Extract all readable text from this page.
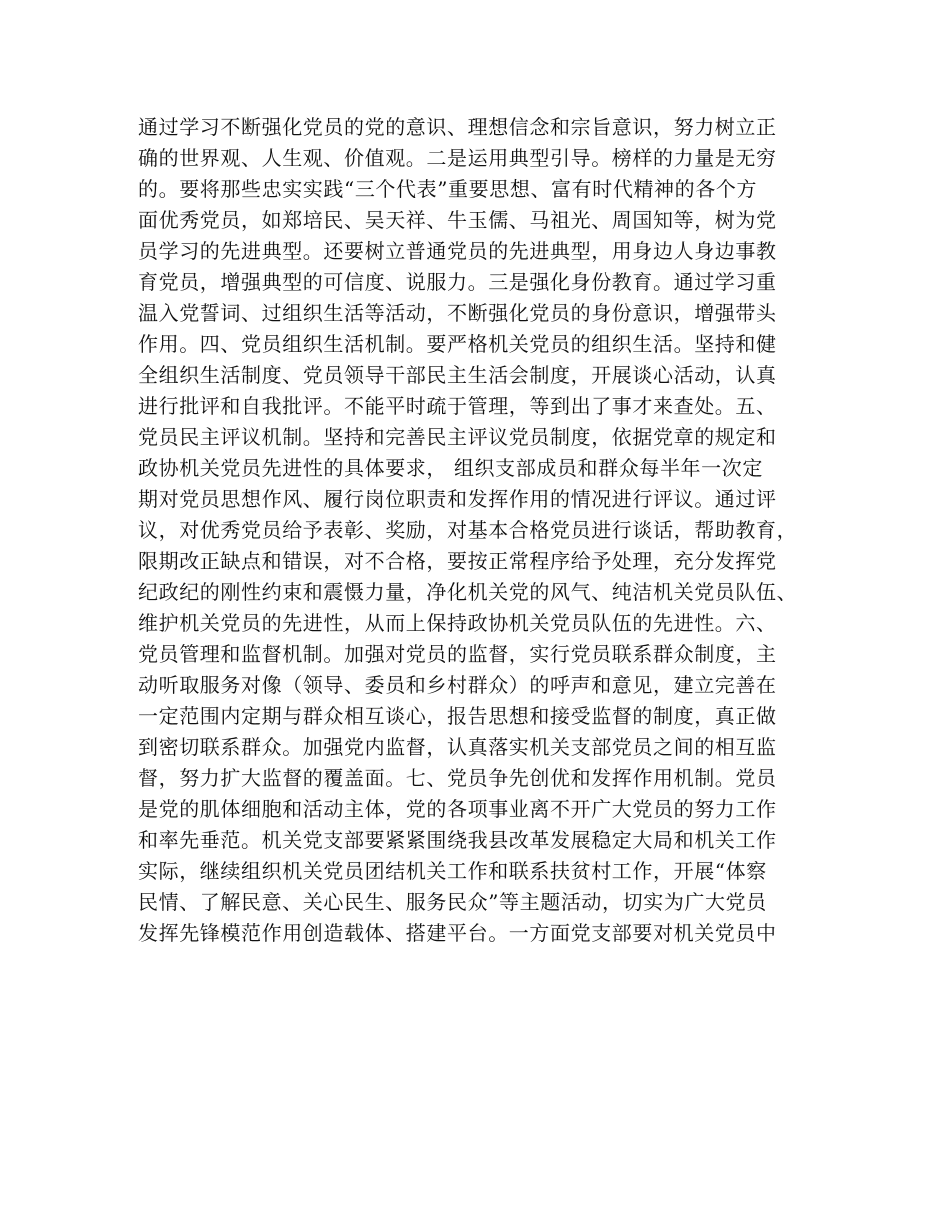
通过学习不断强化党员的党的意识、理想信念和宗旨意识，努力树立正
确的世界观、人生观、价值观。二是运用典型引导。榜样的力量是无穷
的。要将那些忠实实践“三个代表”重要思想、富有时代精神的各个方
面优秀党员，如郑培民、吴天祥、牛玉儒、马祖光、周国知等，树为党
员学习的先进典型。还要树立普通党员的先进典型，用身边人身边事教
育党员，增强典型的可信度、说服力。三是强化身份教育。通过学习重
温入党誓词、过组织生活等活动，不断强化党员的身份意识，增强带头
作用。四、党员组织生活机制。要严格机关党员的组织生活。坚持和健
全组织生活制度、党员领导干部民主生活会制度，开展谈心活动，认真
进行批评和自我批评。不能平时疏于管理，等到出了事才来查处。五、
党员民主评议机制。坚持和完善民主评议党员制度，依据党章的规定和
政协机关党员先进性的具体要求， 组织支部成员和群众每半年一次定
期对党员思想作风、履行岗位职责和发挥作用的情况进行评议。通过评
议，对优秀党员给予表彰、奖励，对基本合格党员进行谈话，帮助教育，
限期改正缺点和错误，对不合格，要按正常程序给予处理，充分发挥党
纪政纪的刚性约束和震慑力量，净化机关党的风气、纯洁机关党员队伍、
维护机关党员的先进性，从而上保持政协机关党员队伍的先进性。六、
党员管理和监督机制。加强对党员的监督，实行党员联系群众制度，主
动听取服务对像（领导、委员和乡村群众）的呼声和意见，建立完善在
一定范围内定期与群众相互谈心，报告思想和接受监督的制度，真正做
到密切联系群众。加强党内监督，认真落实机关支部党员之间的相互监
督，努力扩大监督的覆盖面。七、党员争先创优和发挥作用机制。党员
是党的肌体细胞和活动主体，党的各项事业离不开广大党员的努力工作
和率先垂范。机关党支部要紧紧围绕我县改革发展稳定大局和机关工作
实际，继续组织机关党员团结机关工作和联系扶贫村工作，开展“体察
民情、了解民意、关心民生、服务民众”等主题活动，切实为广大党员
发挥先锋模范作用创造载体、搭建平台。一方面党支部要对机关党员中
